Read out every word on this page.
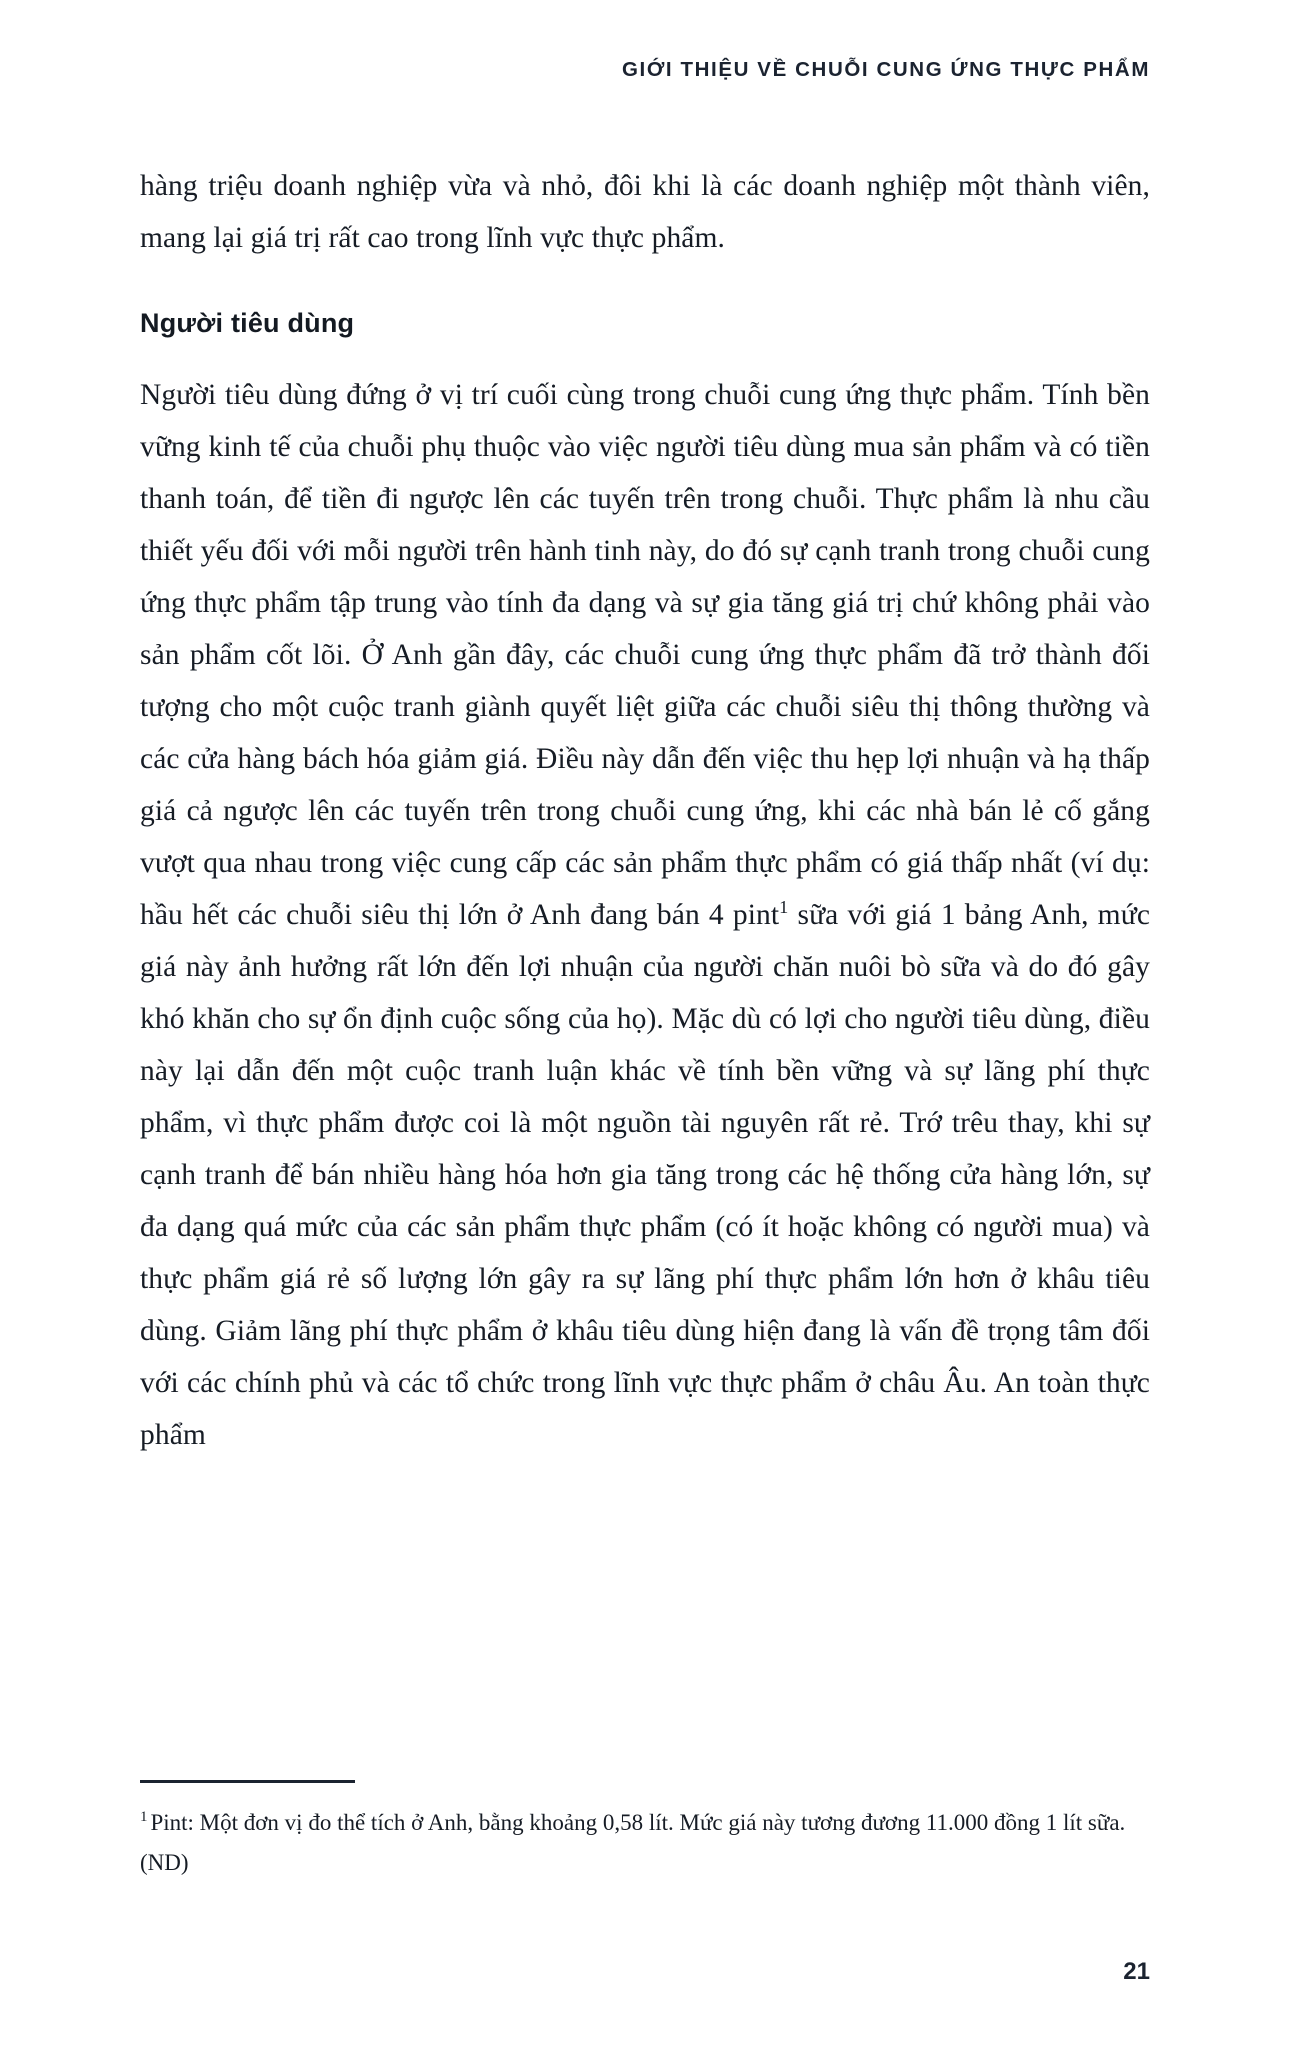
GIỚI THIỆU VỀ CHUỖI CUNG ỨNG THỰC PHẨM

hàng triệu doanh nghiệp vừa và nhỏ, đôi khi là các doanh nghiệp một thành viên, mang lại giá trị rất cao trong lĩnh vực thực phẩm.

Người tiêu dùng

Người tiêu dùng đứng ở vị trí cuối cùng trong chuỗi cung ứng thực phẩm. Tính bền vững kinh tế của chuỗi phụ thuộc vào việc người tiêu dùng mua sản phẩm và có tiền thanh toán, để tiền đi ngược lên các tuyến trên trong chuỗi. Thực phẩm là nhu cầu thiết yếu đối với mỗi người trên hành tinh này, do đó sự cạnh tranh trong chuỗi cung ứng thực phẩm tập trung vào tính đa dạng và sự gia tăng giá trị chứ không phải vào sản phẩm cốt lõi. Ở Anh gần đây, các chuỗi cung ứng thực phẩm đã trở thành đối tượng cho một cuộc tranh giành quyết liệt giữa các chuỗi siêu thị thông thường và các cửa hàng bách hóa giảm giá. Điều này dẫn đến việc thu hẹp lợi nhuận và hạ thấp giá cả ngược lên các tuyến trên trong chuỗi cung ứng, khi các nhà bán lẻ cố gắng vượt qua nhau trong việc cung cấp các sản phẩm thực phẩm có giá thấp nhất (ví dụ: hầu hết các chuỗi siêu thị lớn ở Anh đang bán 4 pint$^1$ sữa với giá 1 bảng Anh, mức giá này ảnh hưởng rất lớn đến lợi nhuận của người chăn nuôi bò sữa và do đó gây khó khăn cho sự ổn định cuộc sống của họ). Mặc dù có lợi cho người tiêu dùng, điều này lại dẫn đến một cuộc tranh luận khác về tính bền vững và sự lãng phí thực phẩm, vì thực phẩm được coi là một nguồn tài nguyên rất rẻ. Trớ trêu thay, khi sự cạnh tranh để bán nhiều hàng hóa hơn gia tăng trong các hệ thống cửa hàng lớn, sự đa dạng quá mức của các sản phẩm thực phẩm (có ít hoặc không có người mua) và thực phẩm giá rẻ số lượng lớn gây ra sự lãng phí thực phẩm lớn hơn ở khâu tiêu dùng. Giảm lãng phí thực phẩm ở khâu tiêu dùng hiện đang là vấn đề trọng tâm đối với các chính phủ và các tổ chức trong lĩnh vực thực phẩm ở châu Âu. An toàn thực phẩm

$^1$ Pint: Một đơn vị đo thể tích ở Anh, bằng khoảng 0,58 lít. Mức giá này tương đương 11.000 đồng 1 lít sữa. (ND)
21
